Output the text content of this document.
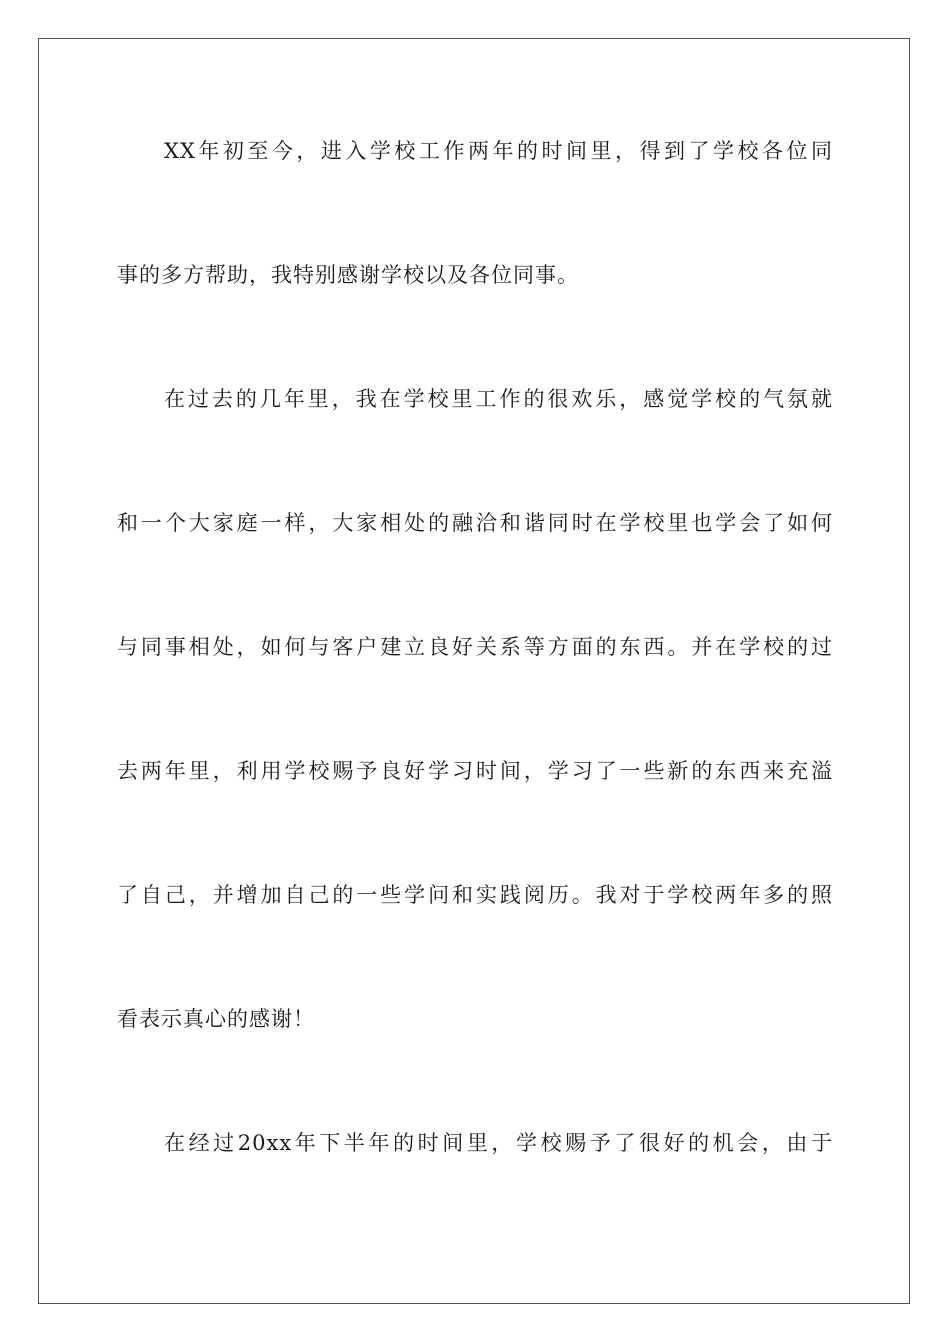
XX年初至今，进入学校工作两年的时间里，得到了学校各位同
事的多方帮助，我特别感谢学校以及各位同事。
在过去的几年里，我在学校里工作的很欢乐，感觉学校的气氛就
和一个大家庭一样，大家相处的融洽和谐同时在学校里也学会了如何
与同事相处，如何与客户建立良好关系等方面的东西。并在学校的过
去两年里，利用学校赐予良好学习时间，学习了一些新的东西来充溢
了自己，并增加自己的一些学问和实践阅历。我对于学校两年多的照
看表示真心的感谢！
在经过20xx年下半年的时间里，学校赐予了很好的机会，由于
